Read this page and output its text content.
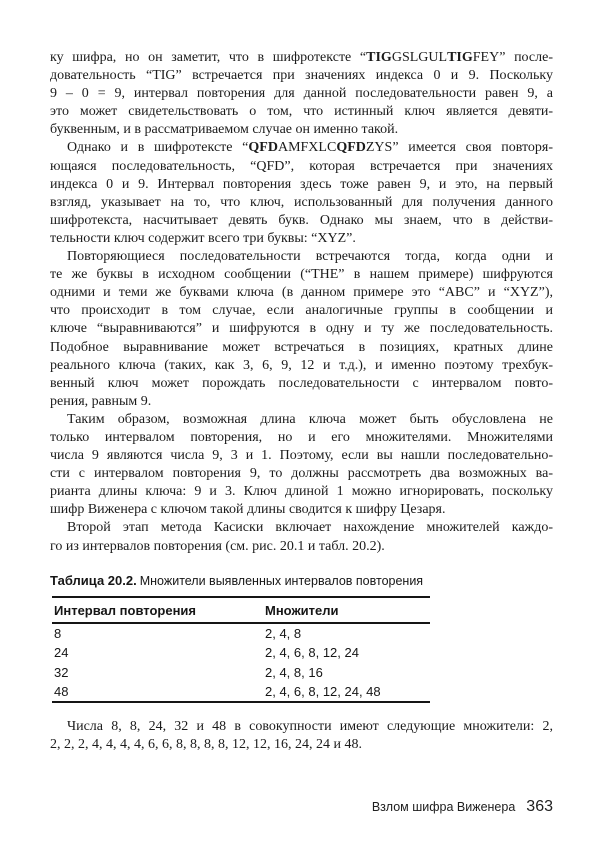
ку шифра, но он заметит, что в шифротексте “TIGGSLGULTIGFEY” после-
довательность “TIG” встречается при значениях индекса 0 и 9. Поскольку
9 – 0 = 9, интервал повторения для данной последовательности равен 9, а
это может свидетельствовать о том, что истинный ключ является девяти-
буквенным, и в рассматриваемом случае он именно такой.
Однако и в шифротексте “QFDAMFXLCQFDZYS” имеется своя повторя-
ющаяся последовательность, “QFD”, которая встречается при значениях
индекса 0 и 9. Интервал повторения здесь тоже равен 9, и это, на первый
взгляд, указывает на то, что ключ, использованный для получения данного
шифротекста, насчитывает девять букв. Однако мы знаем, что в действи-
тельности ключ содержит всего три буквы: “XYZ”.
Повторяющиеся последовательности встречаются тогда, когда одни и
те же буквы в исходном сообщении (“THE” в нашем примере) шифруются
одними и теми же буквами ключа (в данном примере это “ABC” и “XYZ”),
что происходит в том случае, если аналогичные группы в сообщении и
ключе “выравниваются” и шифруются в одну и ту же последовательность.
Подобное выравнивание может встречаться в позициях, кратных длине
реального ключа (таких, как 3, 6, 9, 12 и т.д.), и именно поэтому трехбук-
венный ключ может порождать последовательности с интервалом повто-
рения, равным 9.
Таким образом, возможная длина ключа может быть обусловлена не
только интервалом повторения, но и его множителями. Множителями
числа 9 являются числа 9, 3 и 1. Поэтому, если вы нашли последовательно-
сти с интервалом повторения 9, то должны рассмотреть два возможных ва-
рианта длины ключа: 9 и 3. Ключ длиной 1 можно игнорировать, поскольку
шифр Виженера с ключом такой длины сводится к шифру Цезаря.
Второй этап метода Касиски включает нахождение множителей каждо-
го из интервалов повторения (см. рис. 20.1 и табл. 20.2).
Таблица 20.2. Множители выявленных интервалов повторения
Интервал повторения	Множители
8	2, 4, 8
24	2, 4, 6, 8, 12, 24
32	2, 4, 8, 16
48	2, 4, 6, 8, 12, 24, 48
Числа 8, 8, 24, 32 и 48 в совокупности имеют следующие множители: 2,
2, 2, 2, 4, 4, 4, 4, 6, 6, 8, 8, 8, 8, 12, 12, 16, 24, 24 и 48.
Взлом шифра Виженера 363
